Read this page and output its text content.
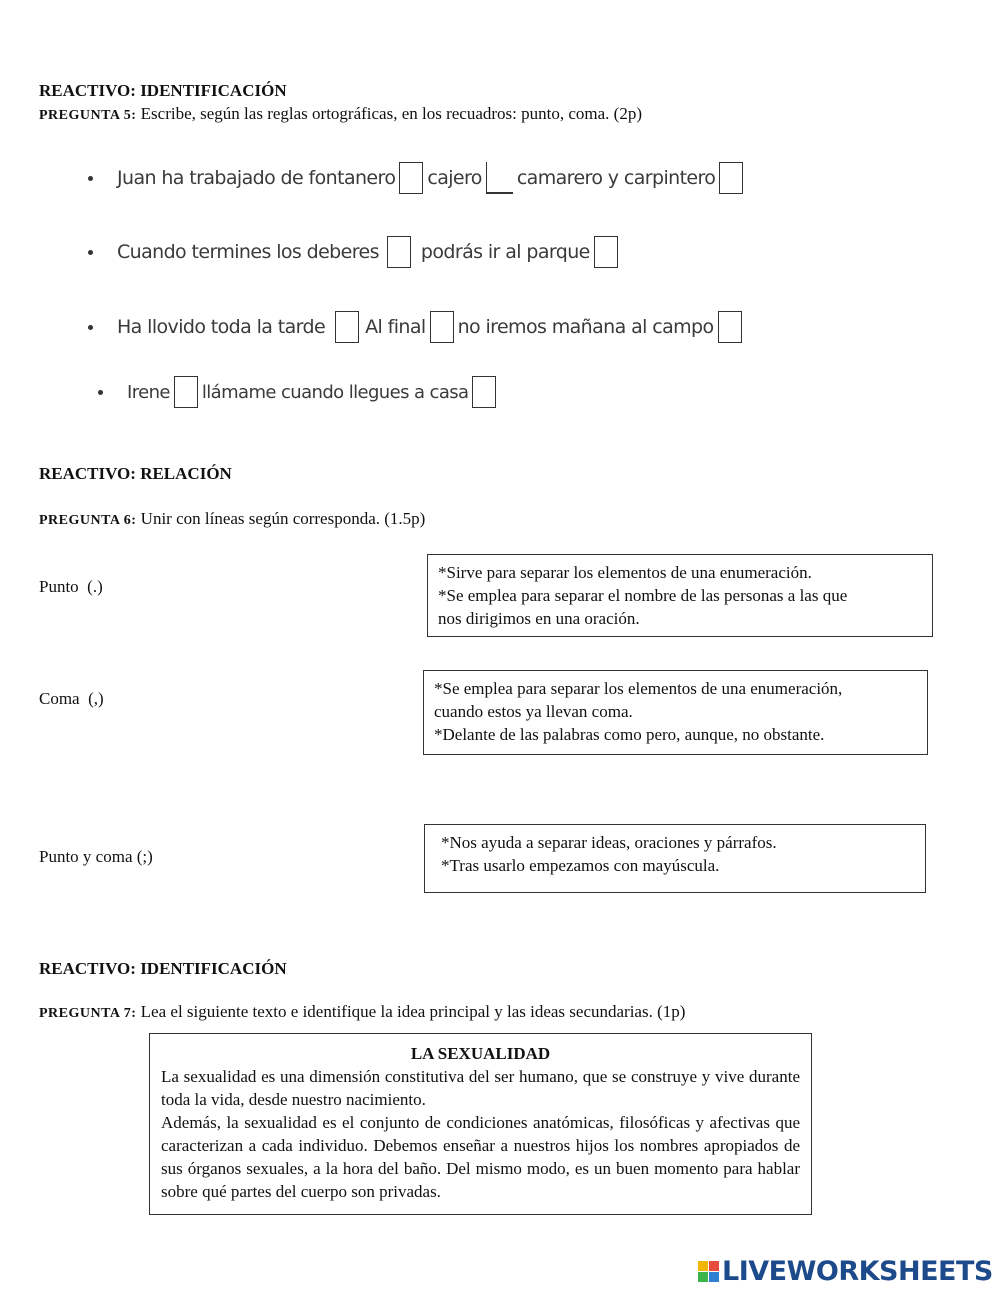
REACTIVO: IDENTIFICACIÓN
PREGUNTA 5: Escribe, según las reglas ortográficas, en los recuadros: punto, coma. (2p)
Juan ha trabajado de fontanero cajero camarero y carpintero
Cuando termines los deberes podrás ir al parque
Ha llovido toda la tarde Al final no iremos mañana al campo
Irene llámame cuando llegues a casa
REACTIVO: RELACIÓN
PREGUNTA 6: Unir con líneas según corresponda. (1.5p)
Punto  (.)
Coma  (,)
Punto y coma (;)
*Sirve para separar los elementos de una enumeración.
*Se emplea para separar el nombre de las personas a las que
nos dirigimos en una oración.
*Se emplea para separar los elementos de una enumeración,
cuando estos ya llevan coma.
*Delante de las palabras como pero, aunque, no obstante.
*Nos ayuda a separar ideas, oraciones y párrafos.
*Tras usarlo empezamos con mayúscula.
REACTIVO: IDENTIFICACIÓN
PREGUNTA 7: Lea el siguiente texto e identifique la idea principal y las ideas secundarias. (1p)
LA SEXUALIDAD
La sexualidad es una dimensión constitutiva del ser humano, que se construye y vive durante toda la vida, desde nuestro nacimiento.
Además, la sexualidad es el conjunto de condiciones anatómicas, filosóficas y afectivas que caracterizan a cada individuo. Debemos enseñar a nuestros hijos los nombres apropiados de sus órganos sexuales, a la hora del baño. Del mismo modo, es un buen momento para hablar sobre qué partes del cuerpo son privadas.
LIVEWORKSHEETS
